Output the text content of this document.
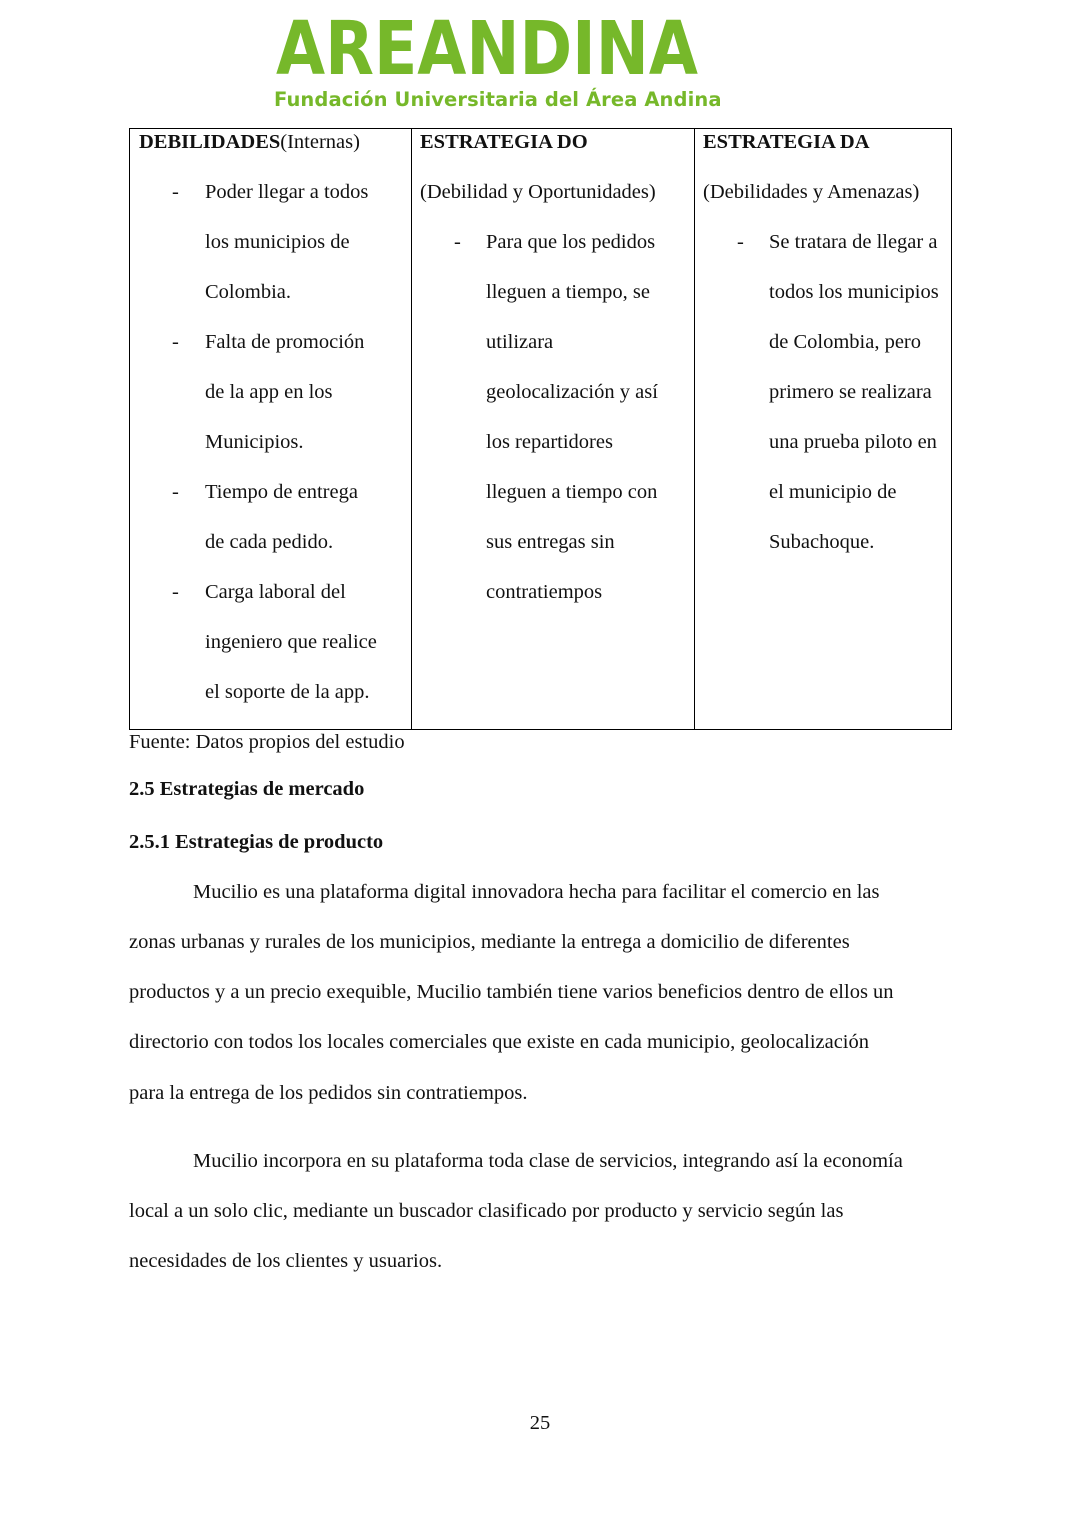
AREANDINA
Fundación Universitaria del Área Andina
DEBILIDADES(Internas)
- Poder llegar a todos
los municipios de
Colombia.
- Falta de promoción
de la app en los
Municipios.
- Tiempo de entrega
de cada pedido.
- Carga laboral del
ingeniero que realice
el soporte de la app.

ESTRATEGIA DO
(Debilidad y Oportunidades)
- Para que los pedidos
lleguen a tiempo, se
utilizara
geolocalización y así
los repartidores
lleguen a tiempo con
sus entregas sin
contratiempos

ESTRATEGIA DA
(Debilidades y Amenazas)
- Se tratara de llegar a
todos los municipios
de Colombia, pero
primero se realizara
una prueba piloto en
el municipio de
Subachoque.
Fuente: Datos propios del estudio
2.5 Estrategias de mercado
2.5.1 Estrategias de producto
Mucilio es una plataforma digital innovadora hecha para facilitar el comercio en las
zonas urbanas y rurales de los municipios, mediante la entrega a domicilio de diferentes
productos y a un precio exequible, Mucilio también tiene varios beneficios dentro de ellos un
directorio con todos los locales comerciales que existe en cada municipio, geolocalización
para la entrega de los pedidos sin contratiempos.
Mucilio incorpora en su plataforma toda clase de servicios, integrando así la economía
local a un solo clic, mediante un buscador clasificado por producto y servicio según las
necesidades de los clientes y usuarios.
25
